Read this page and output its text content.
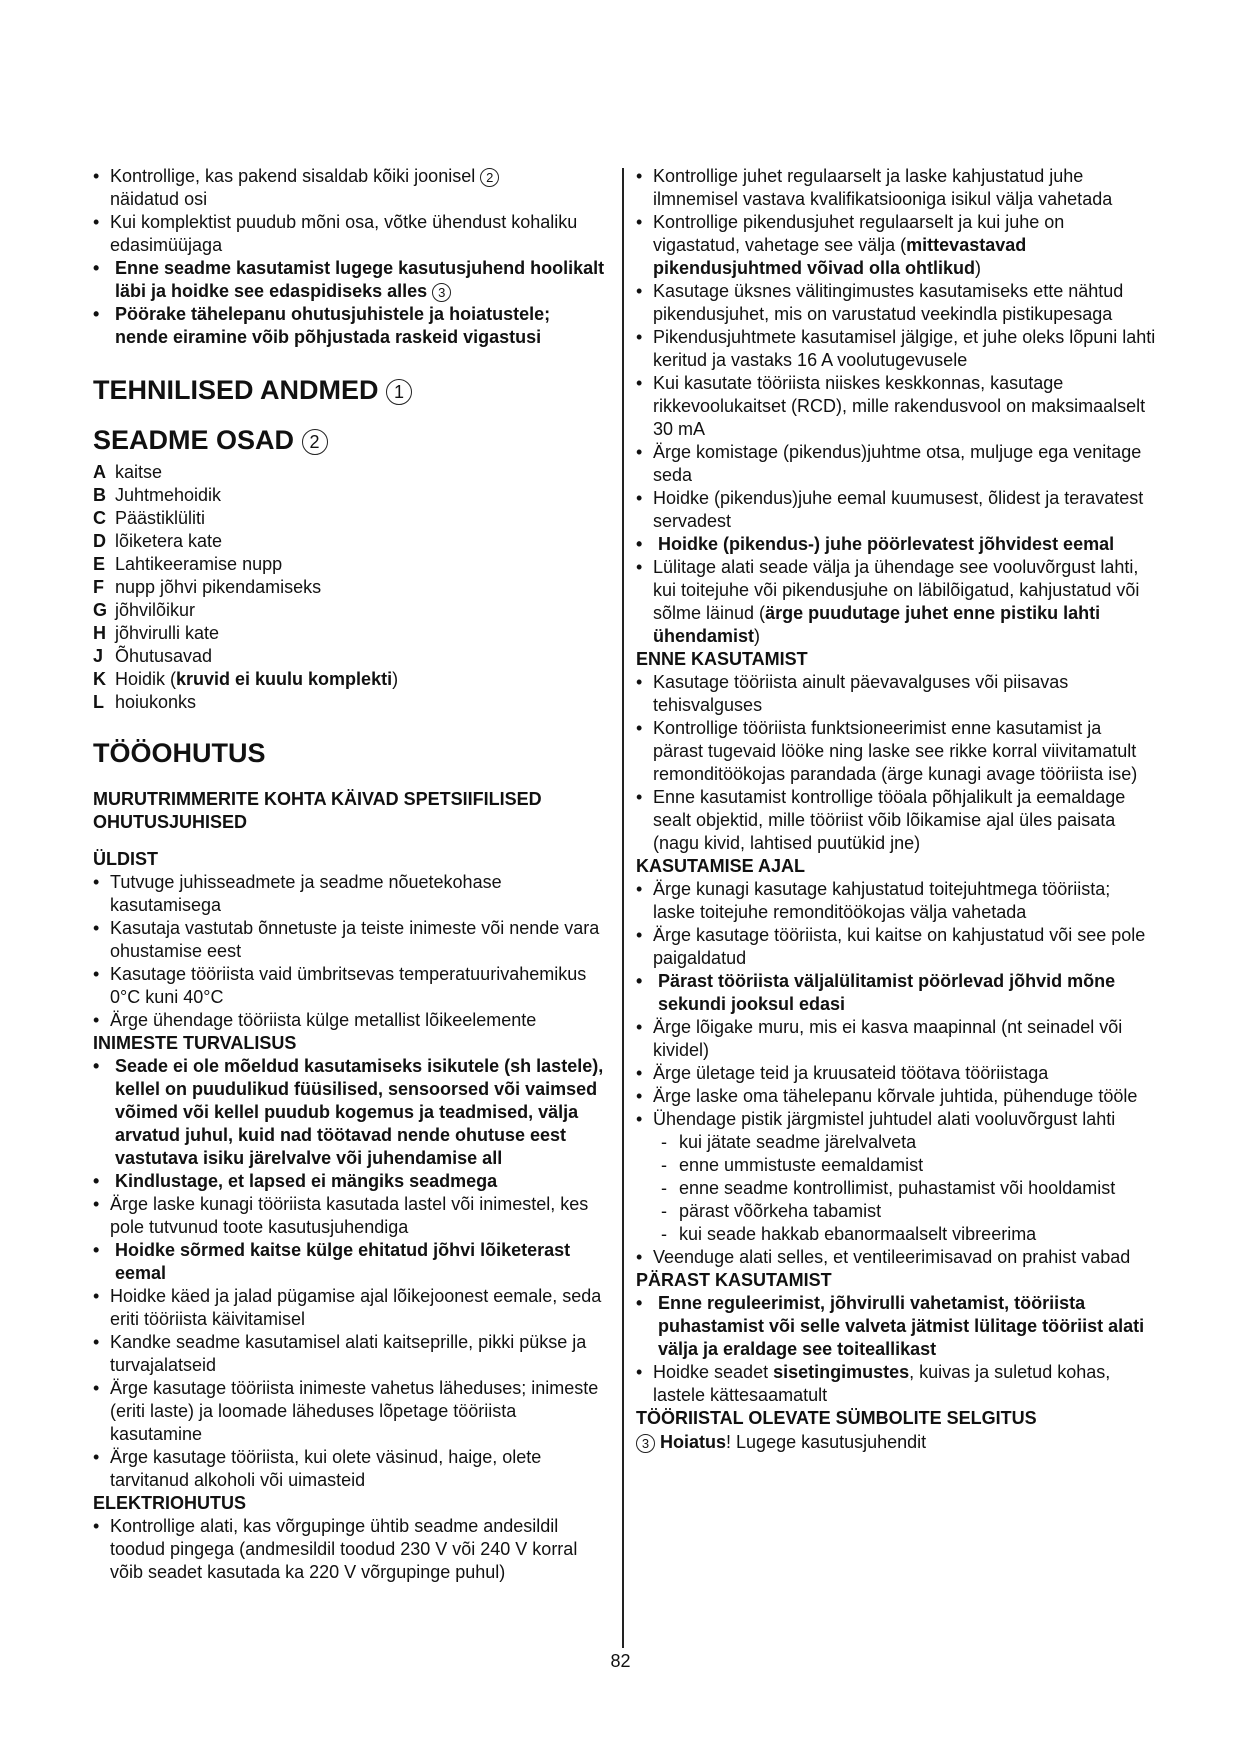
• Kontrollige, kas pakend sisaldab kõiki joonisel 2
näidatud osi
• Kui komplektist puudub mõni osa, võtke ühendust kohaliku edasimüüjaga
• Enne seadme kasutamist lugege kasutusjuhend hoolikalt läbi ja hoidke see edaspidiseks alles 3
• Pöörake tähelepanu ohutusjuhistele ja hoiatustele; nende eiramine võib põhjustada raskeid vigastusi
TEHNILISED ANDMED 1
SEADME OSAD 2
A kaitse
B Juhtmehoidik
C Päästiklüliti
D lõiketera kate
E Lahtikeeramise nupp
F nupp jõhvi pikendamiseks
G jõhvilõikur
H jõhvirulli kate
J Õhutusavad
K Hoidik (kruvid ei kuulu komplekti)
L hoiukonks
TÖÖOHUTUS
MURUTRIMMERITE KOHTA KÄIVAD SPETSIIFILISED
OHUTUSJUHISED
ÜLDIST
• Tutvuge juhisseadmete ja seadme nõuetekohase kasutamisega
• Kasutaja vastutab õnnetuste ja teiste inimeste või nende vara ohustamise eest
• Kasutage tööriista vaid ümbritsevas temperatuurivahemikus 0°C kuni 40°C
• Ärge ühendage tööriista külge metallist lõikeelemente
INIMESTE TURVALISUS
• Seade ei ole mõeldud kasutamiseks isikutele (sh lastele), kellel on puudulikud füüsilised, sensoorsed või vaimsed võimed või kellel puudub kogemus ja teadmised, välja arvatud juhul, kuid nad töötavad nende ohutuse eest vastutava isiku järelvalve või juhendamise all
• Kindlustage, et lapsed ei mängiks seadmega
• Ärge laske kunagi tööriista kasutada lastel või inimestel, kes pole tutvunud toote kasutusjuhendiga
• Hoidke sõrmed kaitse külge ehitatud jõhvi lõiketerast eemal
• Hoidke käed ja jalad pügamise ajal lõikejoonest eemale, seda eriti tööriista käivitamisel
• Kandke seadme kasutamisel alati kaitseprille, pikki pükse ja turvajalatseid
• Ärge kasutage tööriista inimeste vahetus läheduses; inimeste (eriti laste) ja loomade läheduses lõpetage tööriista kasutamine
• Ärge kasutage tööriista, kui olete väsinud, haige, olete tarvitanud alkoholi või uimasteid
ELEKTRIOHUTUS
• Kontrollige alati, kas võrgupinge ühtib seadme andesildil toodud pingega (andmesildil toodud 230 V või 240 V korral võib seadet kasutada ka 220 V võrgupinge puhul)
• Kontrollige juhet regulaarselt ja laske kahjustatud juhe ilmnemisel vastava kvalifikatsiooniga isikul välja vahetada
• Kontrollige pikendusjuhet regulaarselt ja kui juhe on vigastatud, vahetage see välja (mittevastavad pikendusjuhtmed võivad olla ohtlikud)
• Kasutage üksnes välitingimustes kasutamiseks ette nähtud pikendusjuhet, mis on varustatud veekindla pistikupesaga
• Pikendusjuhtmete kasutamisel jälgige, et juhe oleks lõpuni lahti keritud ja vastaks 16 A voolutugevusele
• Kui kasutate tööriista niiskes keskkonnas, kasutage rikkevoolukaitset (RCD), mille rakendusvool on maksimaalselt 30 mA
• Ärge komistage (pikendus)juhtme otsa, muljuge ega venitage seda
• Hoidke (pikendus)juhe eemal kuumusest, õlidest ja teravatest servadest
• Hoidke (pikendus-) juhe pöörlevatest jõhvidest eemal
• Lülitage alati seade välja ja ühendage see vooluvõrgust lahti, kui toitejuhe või pikendusjuhe on läbilõigatud, kahjustatud või sõlme läinud (ärge puudutage juhet enne pistiku lahti ühendamist)
ENNE KASUTAMIST
• Kasutage tööriista ainult päevavalguses või piisavas tehisvalguses
• Kontrollige tööriista funktsioneerimist enne kasutamist ja pärast tugevaid lööke ning laske see rikke korral viivitamatult remonditöökojas parandada (ärge kunagi avage tööriista ise)
• Enne kasutamist kontrollige tööala põhjalikult ja eemaldage sealt objektid, mille tööriist võib lõikamise ajal üles paisata (nagu kivid, lahtised puutükid jne)
KASUTAMISE AJAL
• Ärge kunagi kasutage kahjustatud toitejuhtmega tööriista; laske toitejuhe remonditöökojas välja vahetada
• Ärge kasutage tööriista, kui kaitse on kahjustatud või see pole paigaldatud
• Pärast tööriista väljalülitamist pöörlevad jõhvid mõne sekundi jooksul edasi
• Ärge lõigake muru, mis ei kasva maapinnal (nt seinadel või kividel)
• Ärge ületage teid ja kruusateid töötava tööriistaga
• Ärge laske oma tähelepanu kõrvale juhtida, pühenduge tööle
• Ühendage pistik järgmistel juhtudel alati vooluvõrgust lahti
- kui jätate seadme järelvalveta
- enne ummistuste eemaldamist
- enne seadme kontrollimist, puhastamist või hooldamist
- pärast võõrkeha tabamist
- kui seade hakkab ebanormaalselt vibreerima
• Veenduge alati selles, et ventileerimisavad on prahist vabad
PÄRAST KASUTAMIST
• Enne reguleerimist, jõhvirulli vahetamist, tööriista puhastamist või selle valveta jätmist lülitage tööriist alati välja ja eraldage see toiteallikast
• Hoidke seadet sisetingimustes, kuivas ja suletud kohas, lastele kättesaamatult
TÖÖRIISTAL OLEVATE SÜMBOLITE SELGITUS
3 Hoiatus! Lugege kasutusjuhendit
82
